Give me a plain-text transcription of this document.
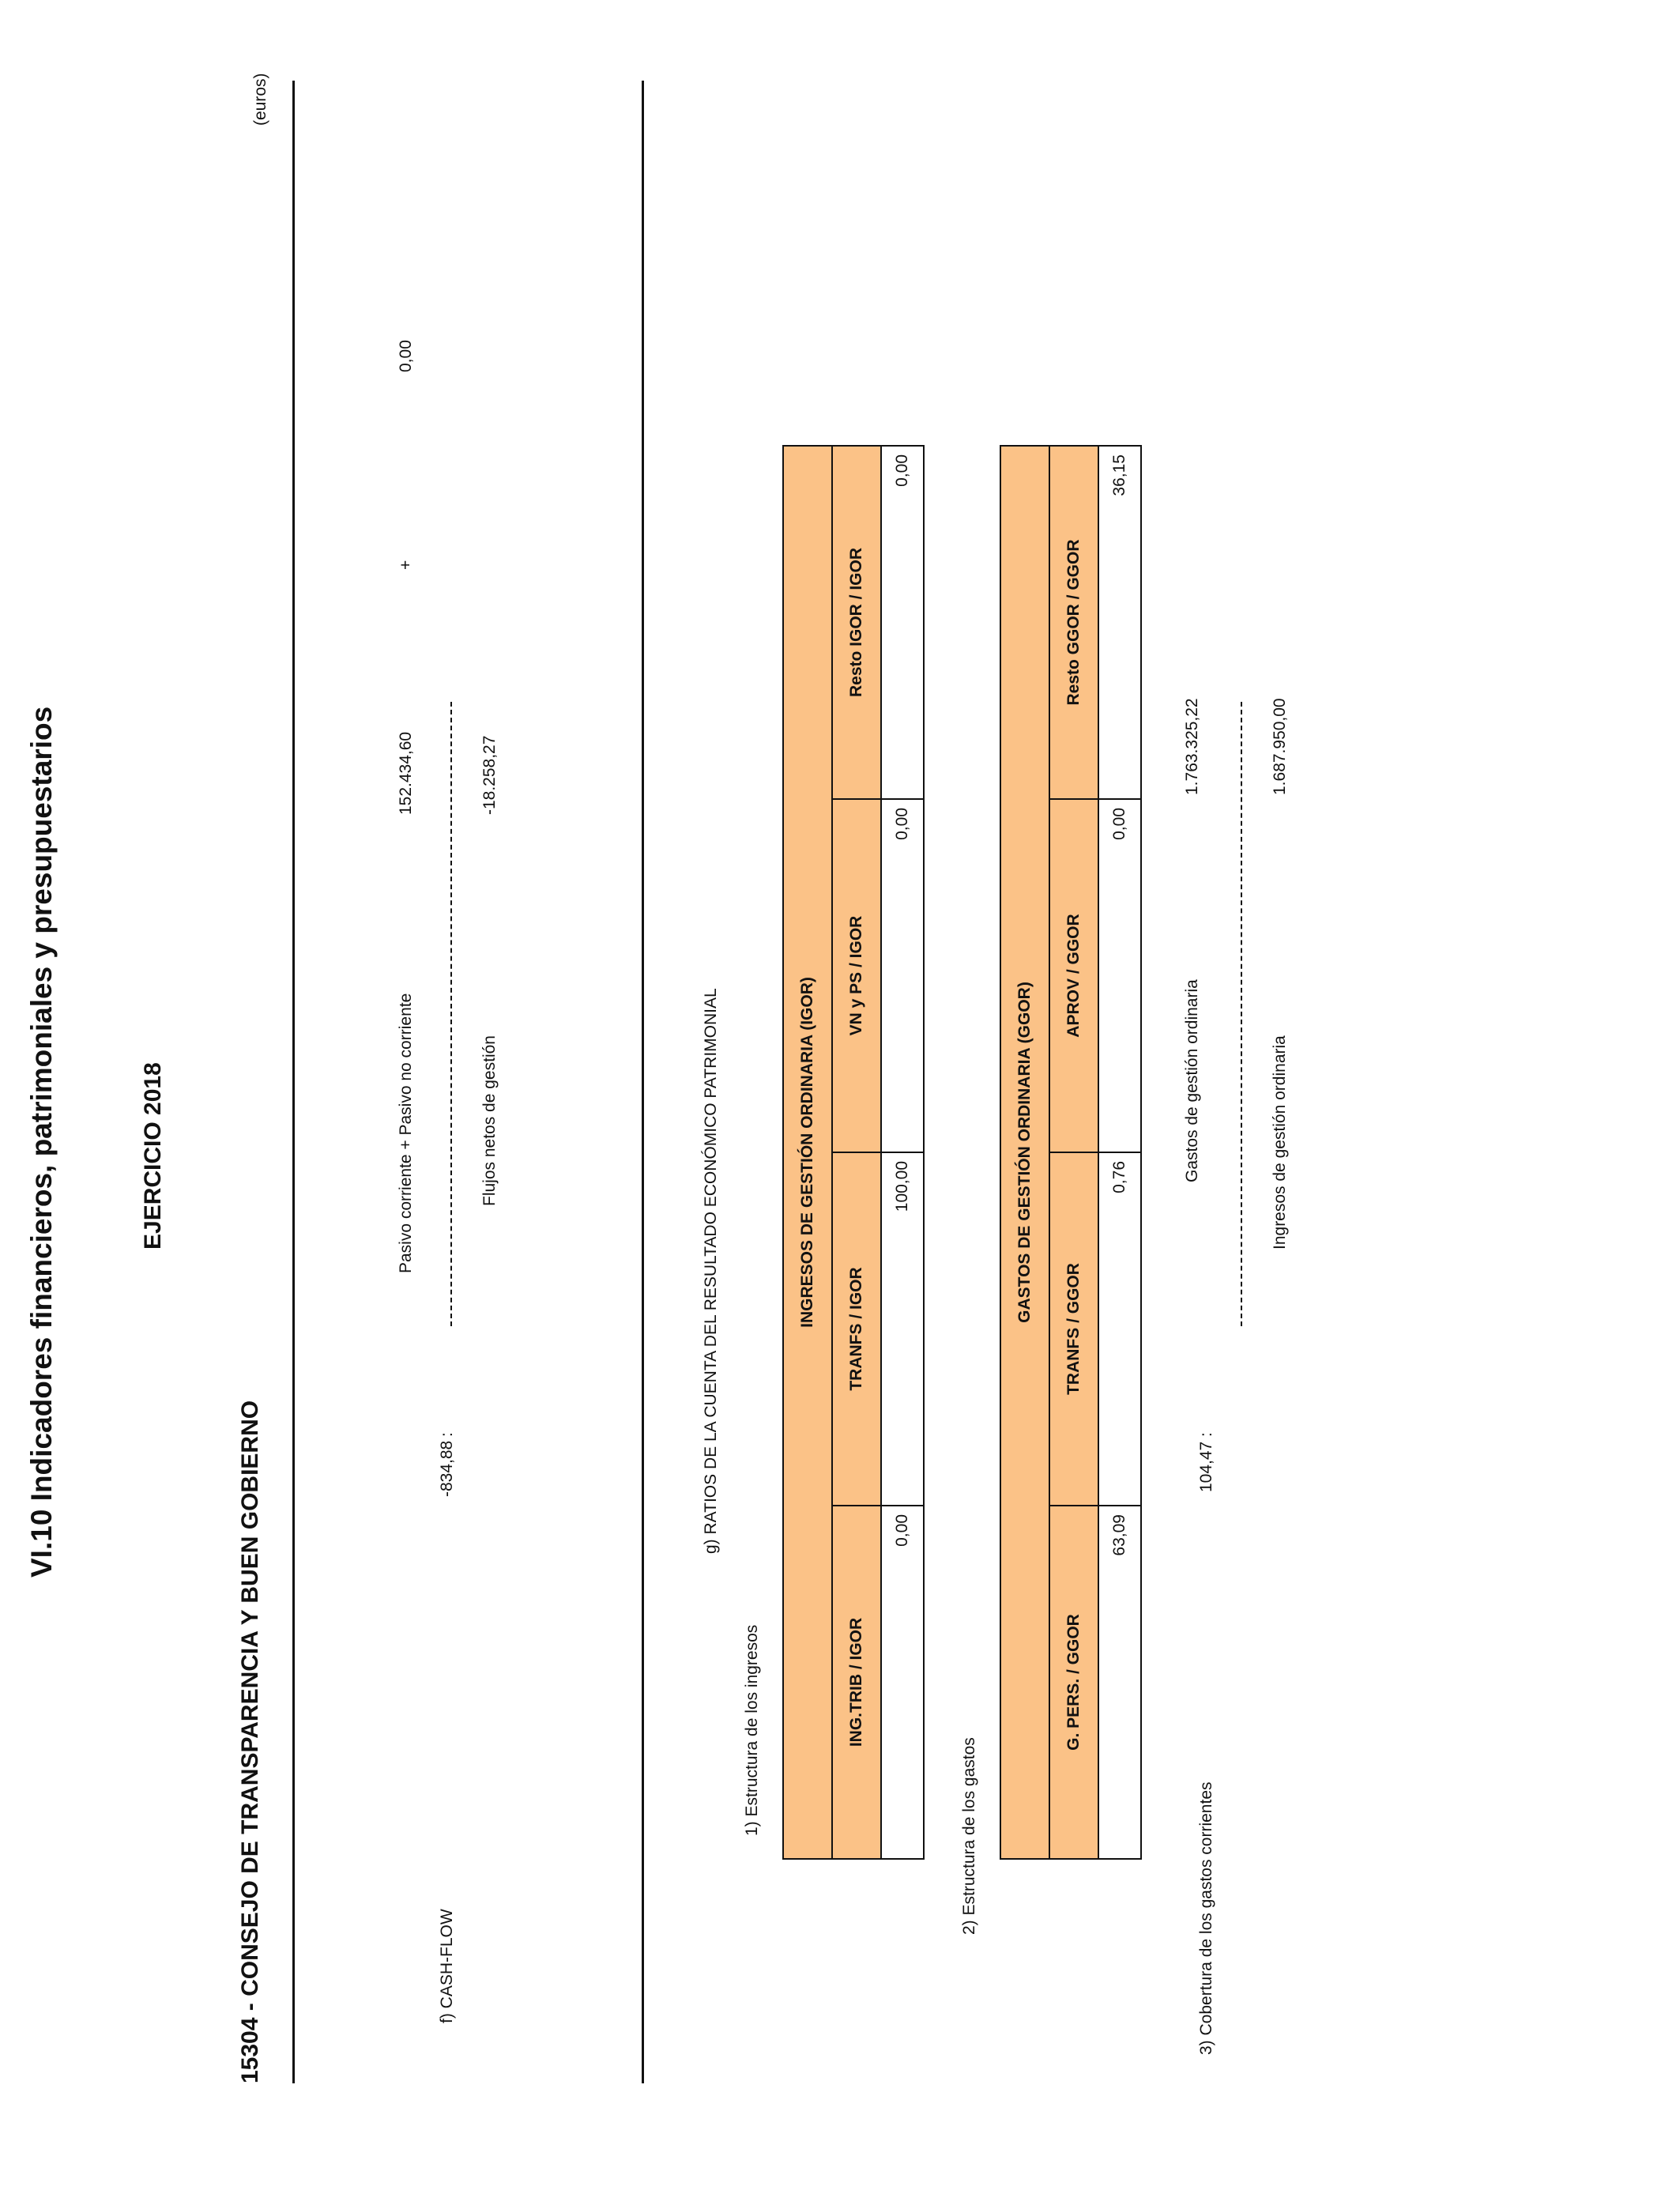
VI.10 Indicadores financieros, patrimoniales y presupuestarios	EJERCICIO 2018
15304 - CONSEJO DE TRANSPARENCIA Y BUEN GOBIERNO
(euros)
f) CASH-FLOW
-834,88
:
Pasivo corriente + Pasivo no corriente
152.434,60
+
0,00
Flujos netos de gestión
-18.258,27
g) RATIOS DE LA CUENTA DEL RESULTADO ECONÓMICO PATRIMONIAL
1) Estructura de los ingresos
INGRESOS DE GESTIÓN ORDINARIA (IGOR)			
ING.TRIB / IGOR	TRANFS / IGOR	VN y PS / IGOR	Resto IGOR / IGOR
0,00	100,00	0,00	0,00
2) Estructura de los gastos
GASTOS DE GESTIÓN ORDINARIA (GGOR)			
G. PERS. / GGOR	TRANFS / GGOR	APROV / GGOR	Resto GGOR / GGOR
63,09	0,76	0,00	36,15
3) Cobertura de los gastos corrientes
104,47
:
Gastos de gestión ordinaria
1.763.325,22
Ingresos de gestión ordinaria
1.687.950,00
